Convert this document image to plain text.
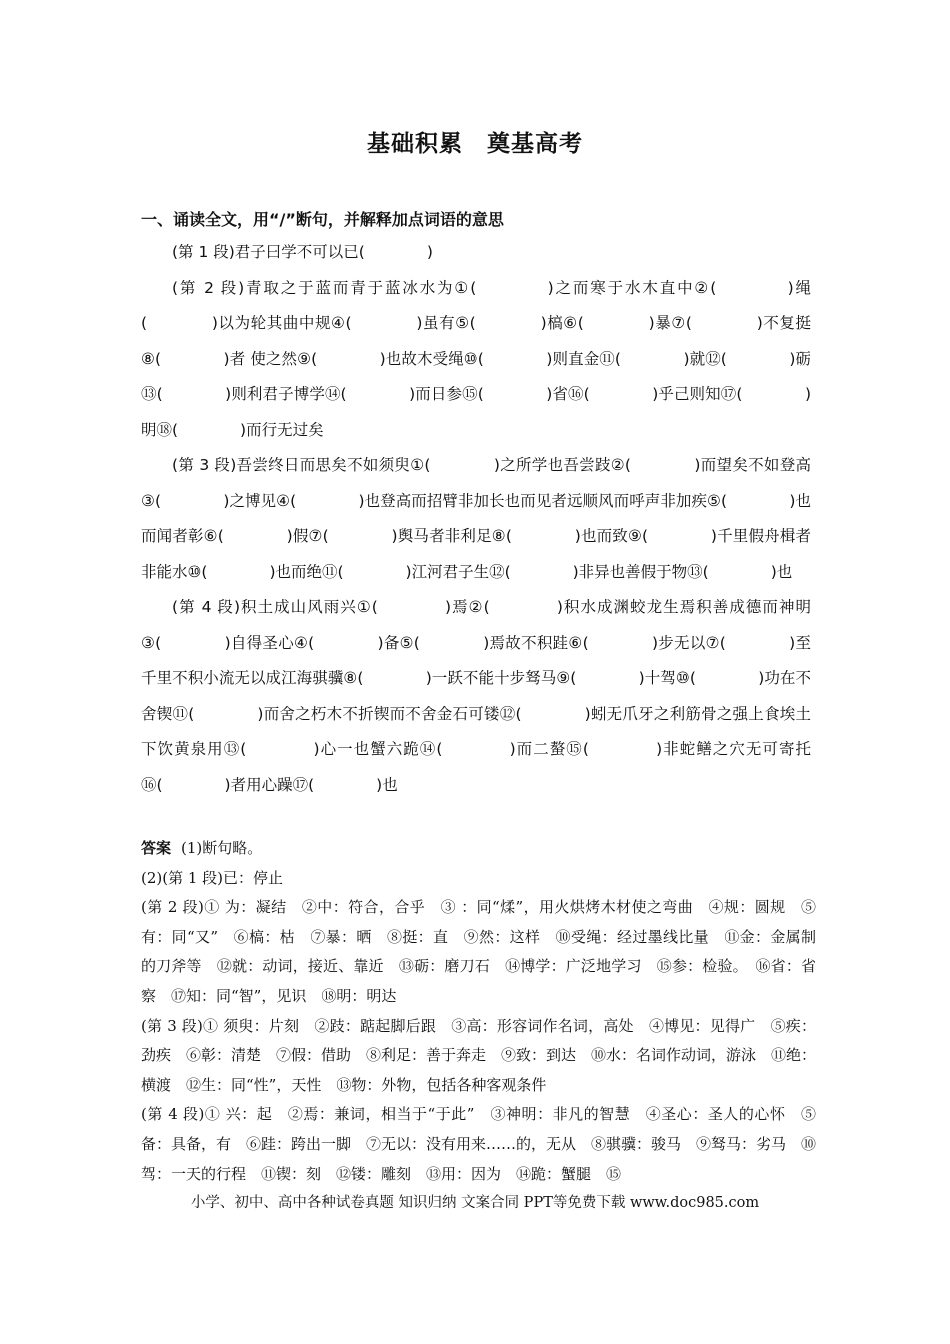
基础积累　奠基高考
一、诵读全文，用“/”断句，并解释加点词语的意思

(第 1 段)君子曰学不可以已(　　　　)

(第 2 段)青取之于蓝而青于蓝冰水为①(　　　　)之而寒于水木直中②(　　　　)绳 (　　　　)以为轮其曲中规④(　　　　)虽有⑤(　　　　)槁⑥(　　　　)暴⑦(　　　　)不复挺⑧(　　　　)者 使之然⑨(　　　　)也故木受绳⑩(　　　　)则直金⑪(　　　　)就⑫(　　　　)砺⑬(　　　　)则利君子博学⑭(　　　　)而日参⑮(　　　　)省⑯(　　　　)乎己则知⑰(　　　　)明⑱(　　　　)而行无过矣

(第 3 段)吾尝终日而思矣不如须臾①(　　　　)之所学也吾尝跂②(　　　　)而望矣不如登高③(　　　　)之博见④(　　　　)也登高而招臂非加长也而见者远顺风而呼声非加疾⑤(　　　　)也而闻者彰⑥(　　　　)假⑦(　　　　)舆马者非利足⑧(　　　　)也而致⑨(　　　　)千里假舟楫者非能水⑩(　　　　)也而绝⑪(　　　　)江河君子生⑫(　　　　)非异也善假于物⑬(　　　　)也

(第 4 段)积土成山风雨兴①(　　　　)焉②(　　　　)积水成渊蛟龙生焉积善成德而神明③(　　　　)自得圣心④(　　　　)备⑤(　　　　)焉故不积跬⑥(　　　　)步无以⑦(　　　　)至千里不积小流无以成江海骐骥⑧(　　　　)一跃不能十步驽马⑨(　　　　)十驾⑩(　　　　)功在不舍锲⑪(　　　　)而舍之朽木不折锲而不舍金石可镂⑫(　　　　)蚓无爪牙之利筋骨之强上食埃土下饮黄泉用⑬(　　　　)心一也蟹六跪⑭(　　　　)而二螯⑮(　　　　)非蛇鳝之穴无可寄托⑯(　　　　)者用心躁⑰(　　　　)也

答案 (1)断句略。

(2)(第 1 段)已：停止

(第 2 段)① 为：凝结　②中：符合，合乎　③ ：同“煣”，用火烘烤木材使之弯曲　④规：圆规　⑤有：同“又”　⑥槁：枯　⑦暴：晒　⑧挺：直　⑨然：这样　⑩受绳：经过墨线比量　⑪金：金属制的刀斧等　⑫就：动词，接近、靠近　⑬砺：磨刀石　⑭博学：广泛地学习　⑮参：检验。　⑯省：省察　⑰知：同“智”，见识　⑱明：明达

(第 3 段)① 须臾：片刻　②跂：踮起脚后跟　③高：形容词作名词，高处　④博见：见得广　⑤疾：劲疾　⑥彰：清楚　⑦假：借助　⑧利足：善于奔走　⑨致：到达　⑩水：名词作动词，游泳　⑪绝：横渡　⑫生：同“性”，天性　⑬物：外物，包括各种客观条件

(第 4 段)① 兴：起　②焉：兼词，相当于“于此”　③神明：非凡的智慧　④圣心：圣人的心怀　⑤备：具备，有　⑥跬：跨出一脚　⑦无以：没有用来……的，无从　⑧骐骥：骏马　⑨驽马：劣马　⑩驾：一天的行程　⑪锲：刻　⑫镂：雕刻　⑬用：因为　⑭跪：蟹腿　⑮

小学、初中、高中各种试卷真题 知识归纳 文案合同 PPT等免费下载 www.doc985.com
